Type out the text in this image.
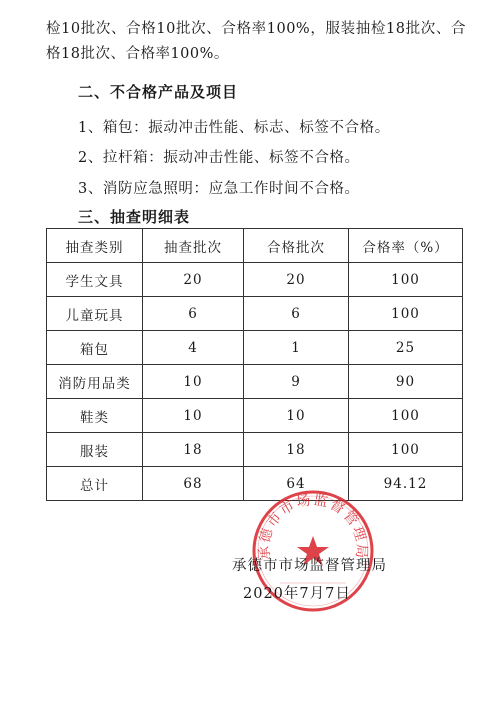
检10批次、合格10批次、合格率100%，服装抽检18批次、合格18批次、合格率100%。
二、不合格产品及项目
1、箱包：振动冲击性能、标志、标签不合格。
2、拉杆箱：振动冲击性能、标签不合格。
3、消防应急照明：应急工作时间不合格。
三、抽查明细表
抽查类别	抽查批次	合格批次	合格率（%）
学生文具	20	20	100
儿童玩具	6	6	100
箱包	4	1	25
消防用品类	10	9	90
鞋类	10	10	100
服装	18	18	100
总计	68	64	94.12
承德市市场监督管理局
承德市市场监督管理局
2020年7月7日
